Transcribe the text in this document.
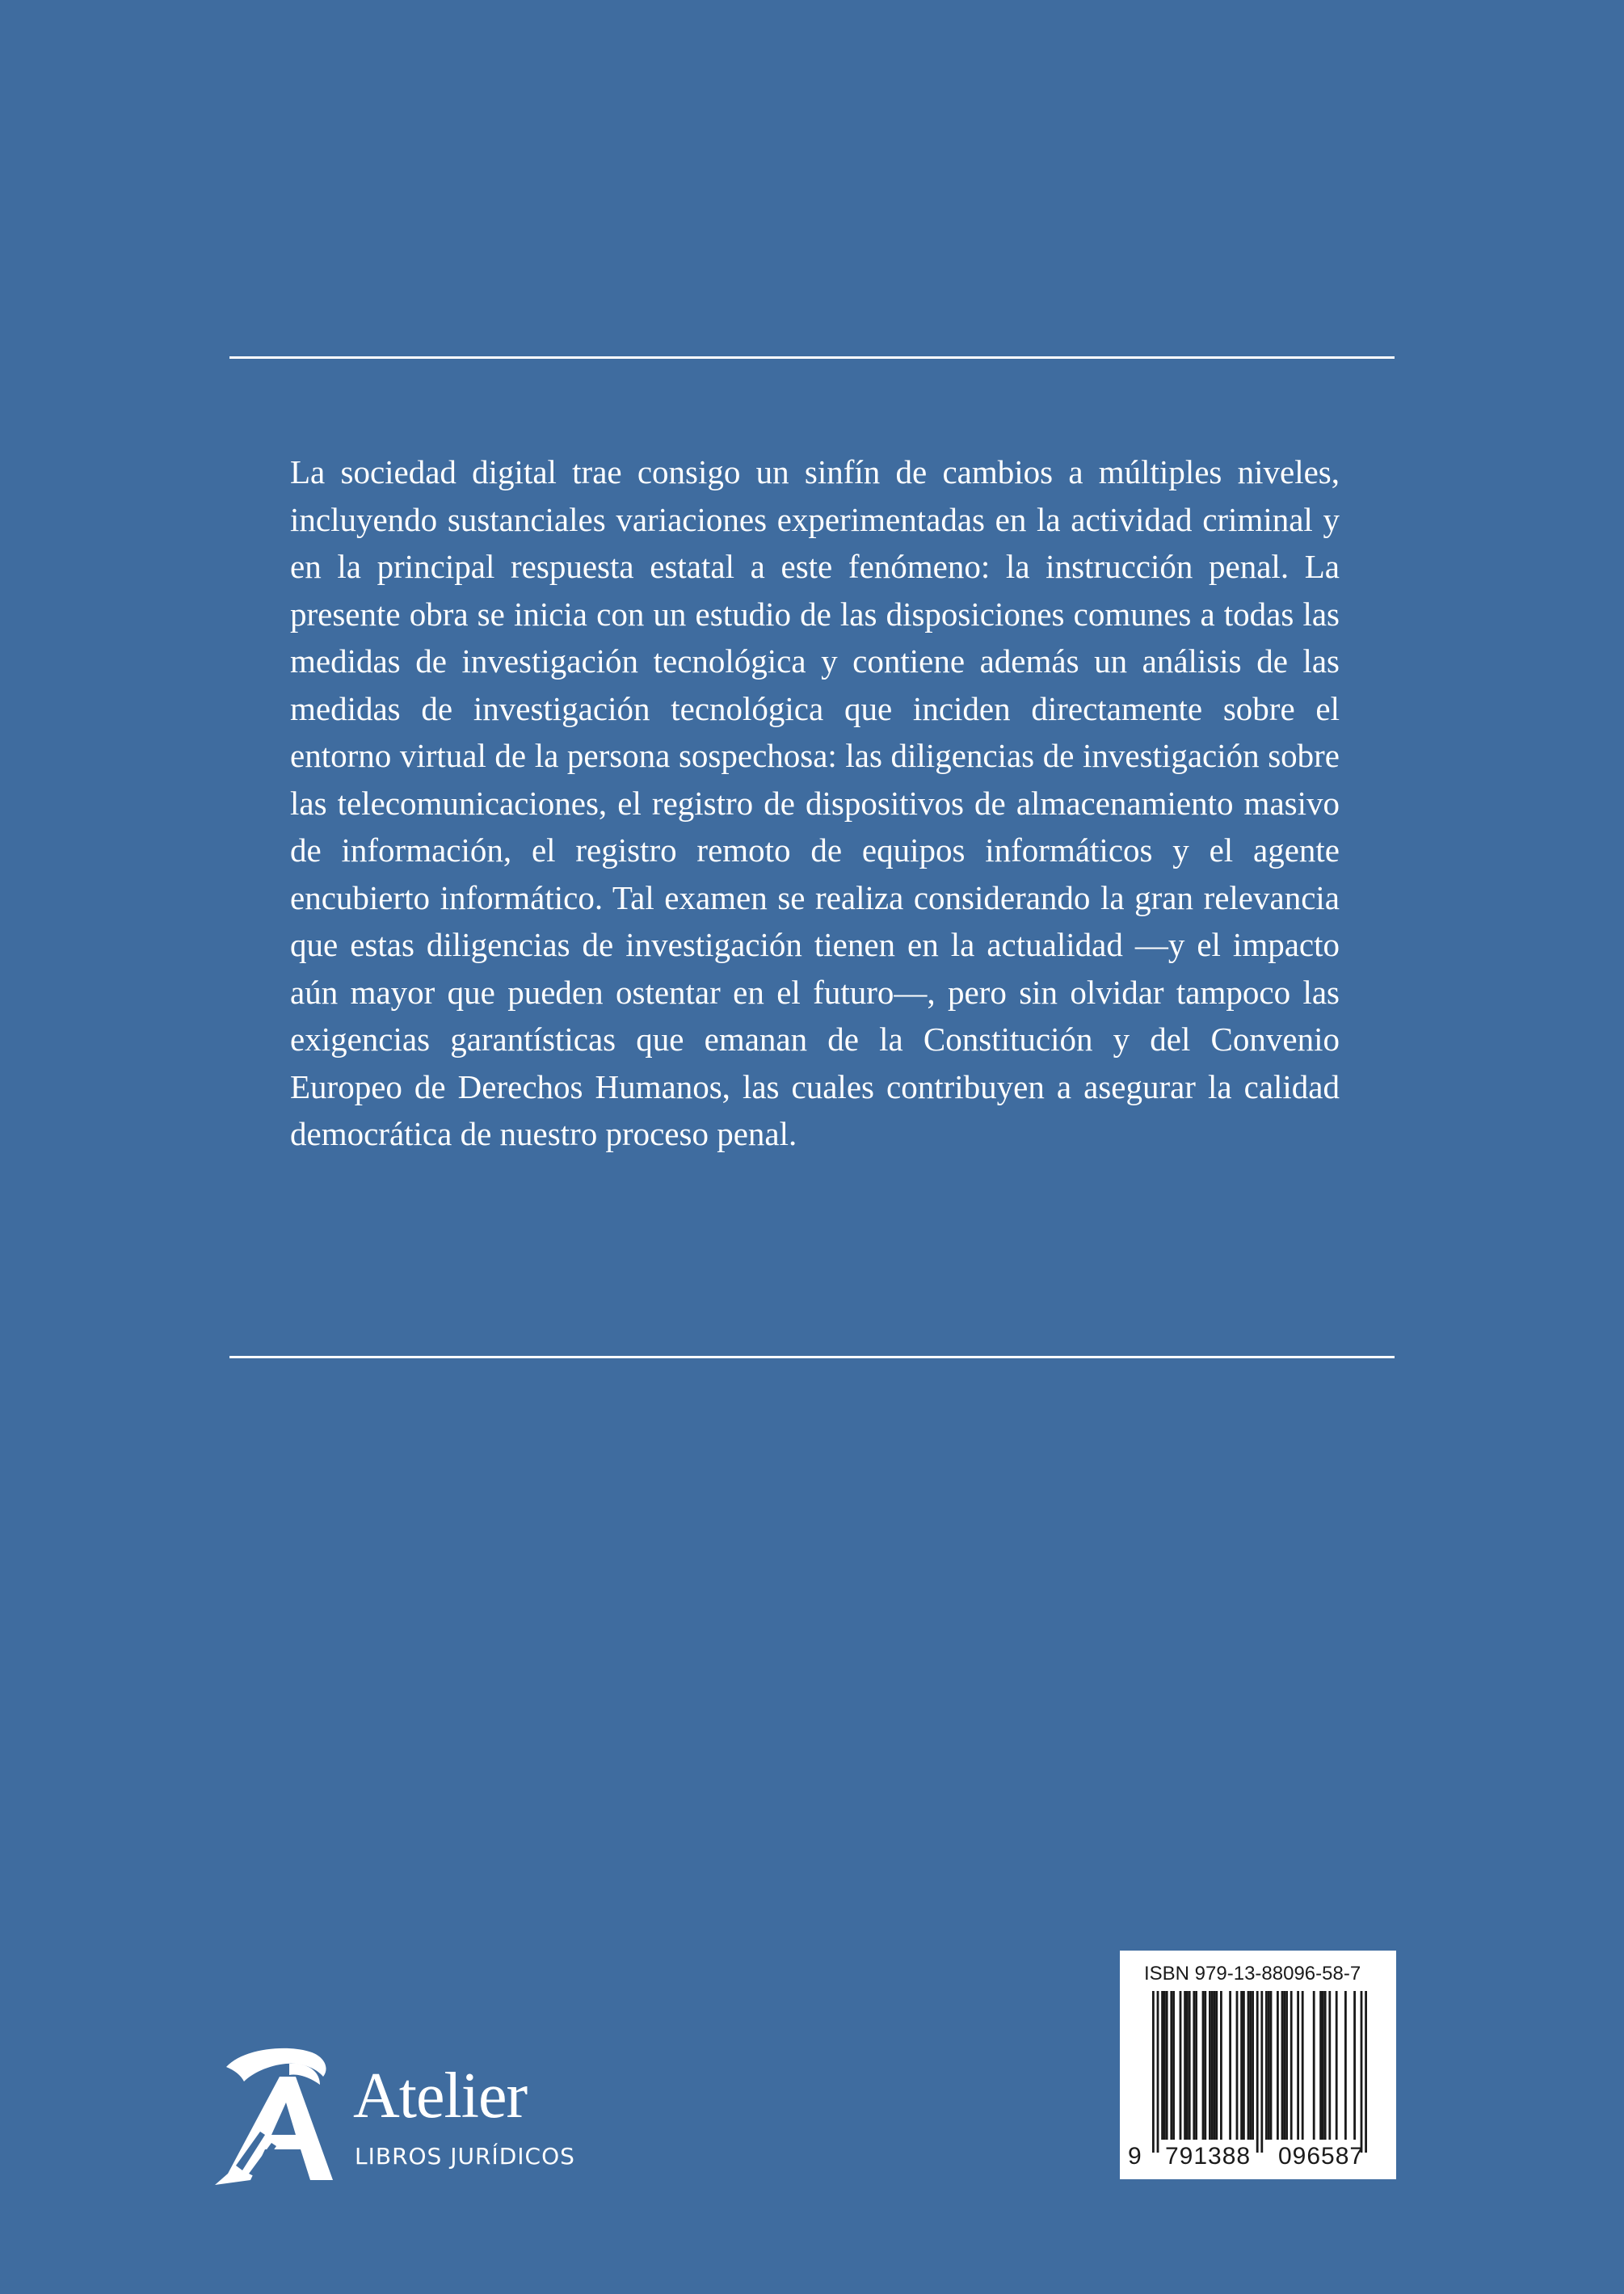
La sociedad digital trae consigo un sinfín de cambios a múltiples niveles, incluyendo sustanciales variaciones experimentadas en la actividad criminal y en la principal respuesta estatal a este fenómeno: la instrucción penal. La presente obra se inicia con un estudio de las disposiciones comunes a todas las medidas de investigación tecnológica y contiene además un análisis de las medidas de investigación tecnológica que inciden directamente sobre el entorno virtual de la persona sospechosa: las diligencias de investigación sobre las telecomunicaciones, el registro de dispositivos de almacenamiento masivo de información, el registro remoto de equipos informáticos y el agente encubierto informático. Tal examen se realiza considerando la gran relevancia que estas diligencias de investigación tienen en la actualidad —y el impacto aún mayor que pueden ostentar en el futuro—, pero sin olvidar tampoco las exigencias garantísticas que emanan de la Constitución y del Convenio Europeo de Derechos Humanos, las cuales contribuyen a asegurar la calidad democrática de nuestro proceso penal.

Atelier
LIBROS JURÍDICOS
ISBN 979-13-88096-58-7
9 791388 096587
